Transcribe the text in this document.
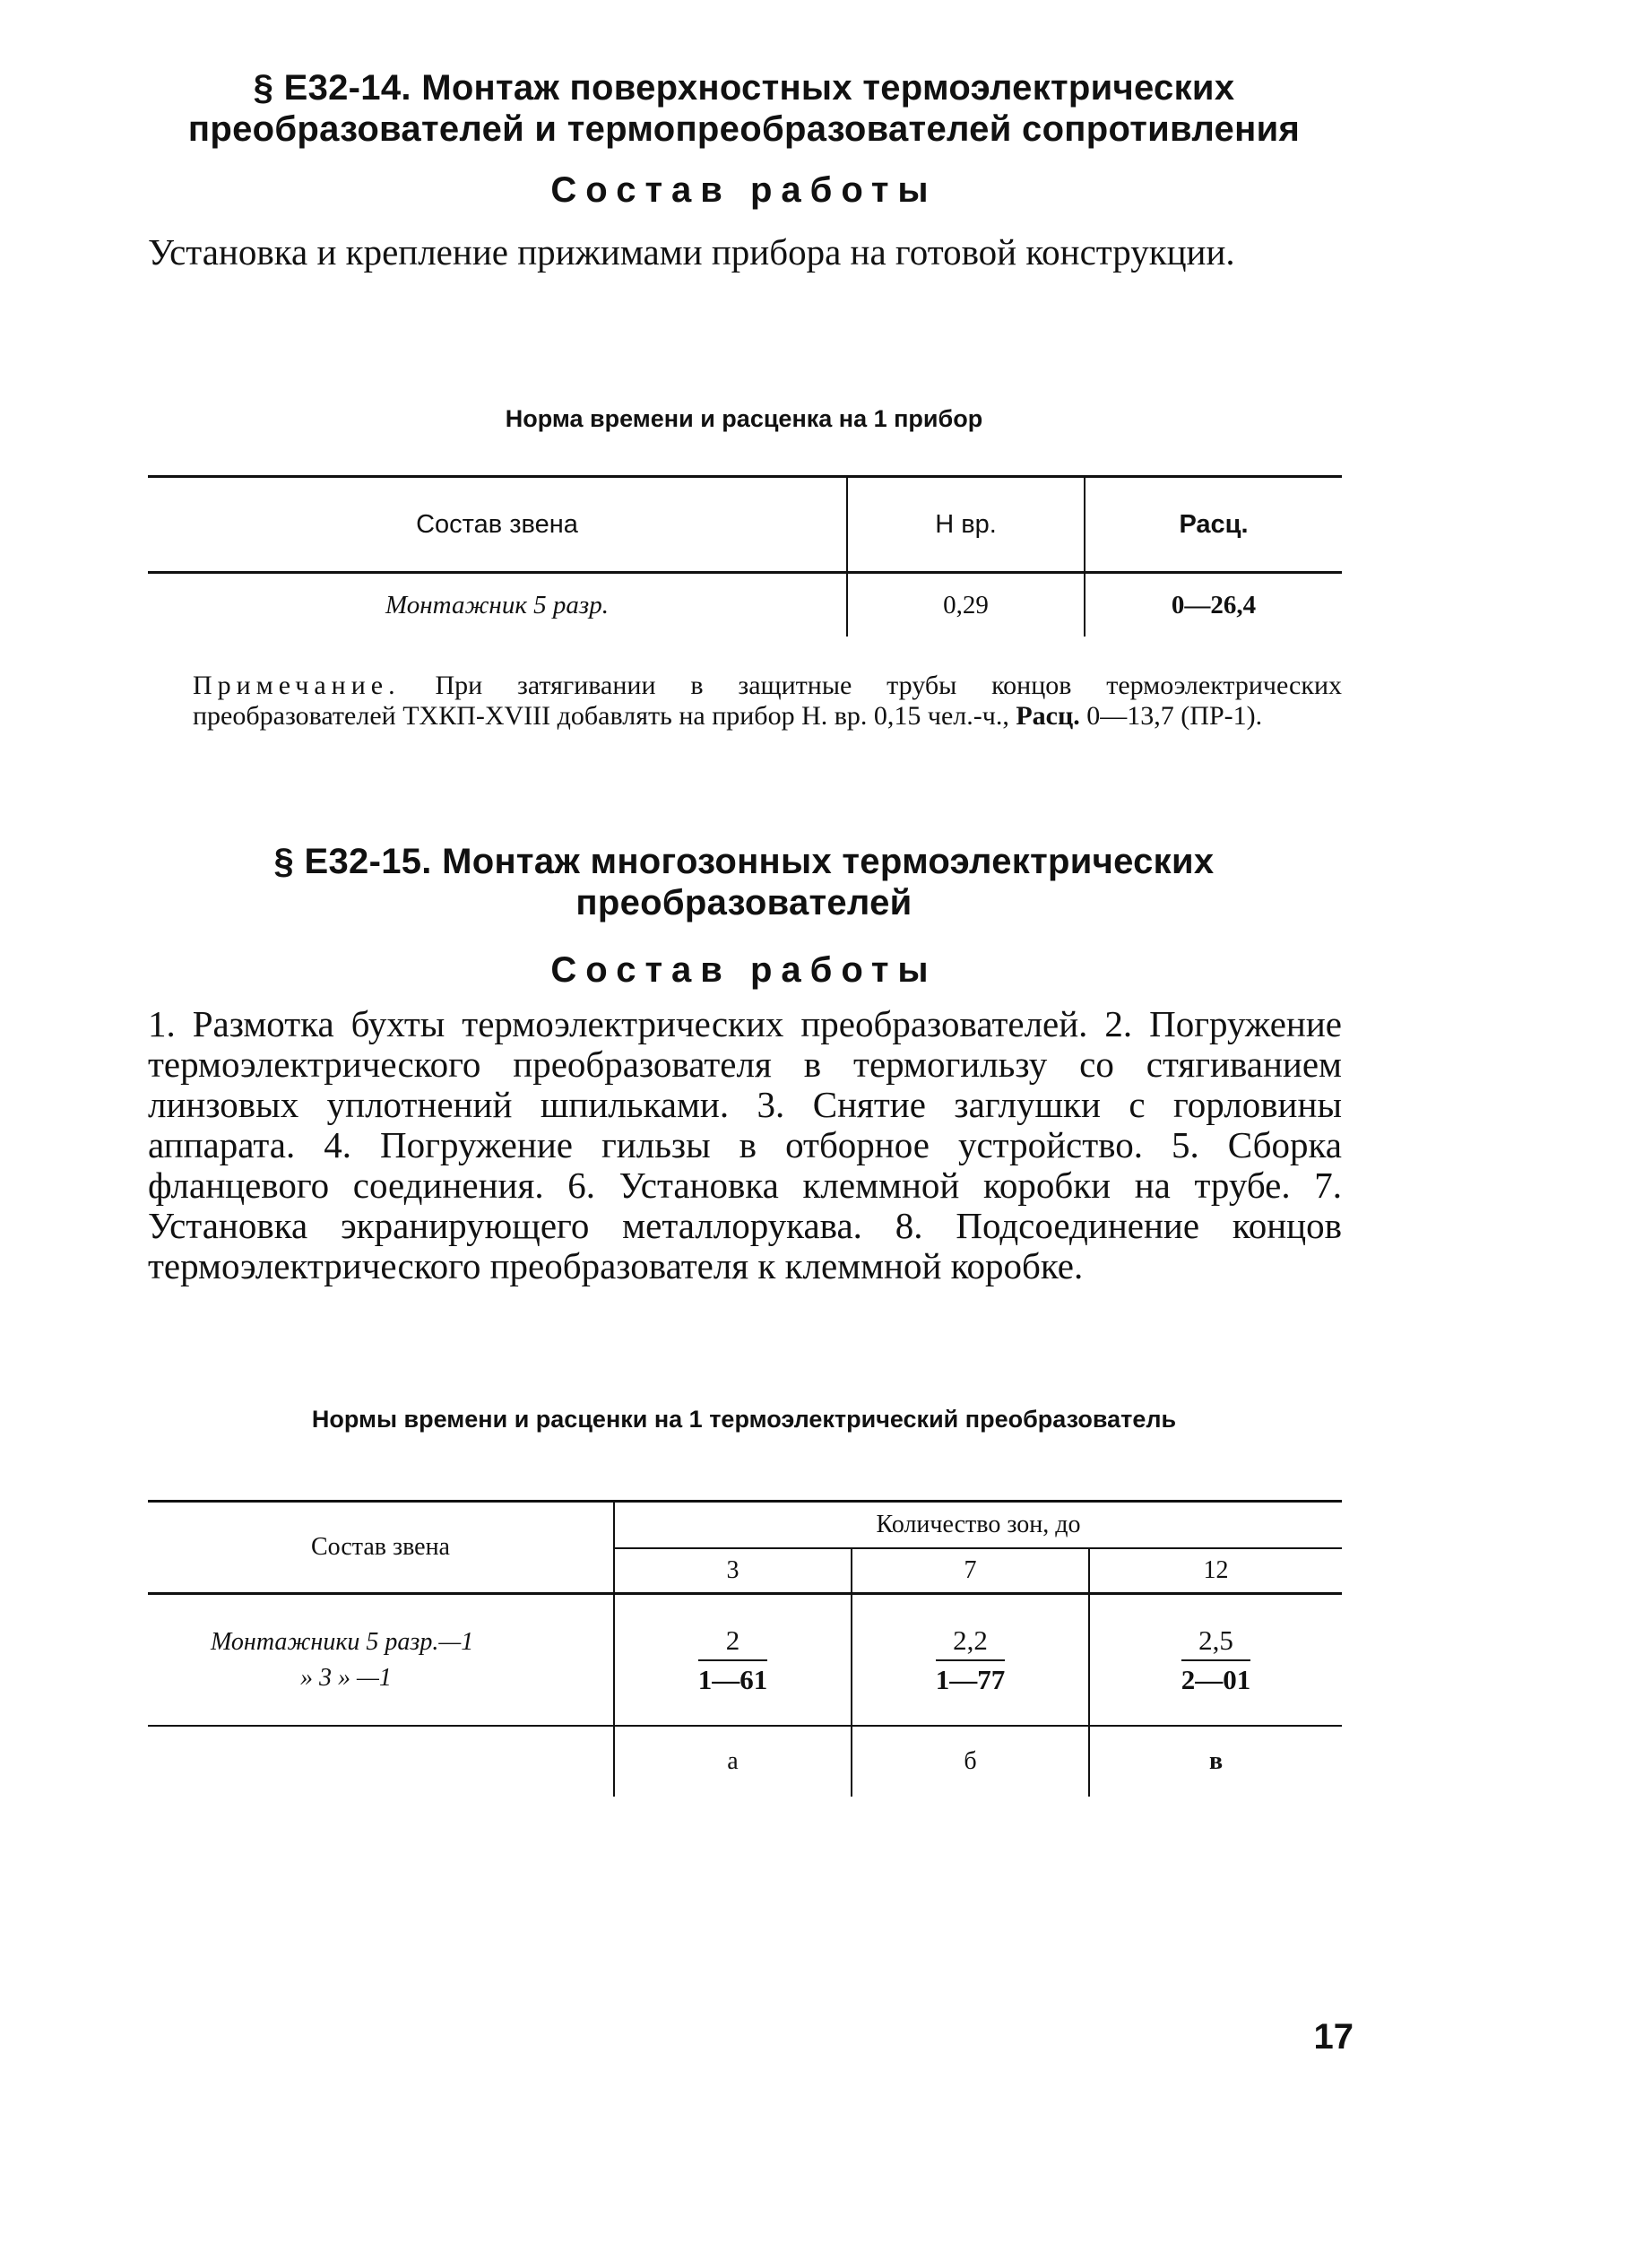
§ Е32-14. Монтаж поверхностных термоэлектрических
преобразователей и термопреобразователей сопротивления
Состав работы

Установка и крепление прижимами прибора на готовой конструкции.

Норма времени и расценка на 1 прибор

Состав звена	Н вр.	Расц.
Монтажник 5 разр.	0,29	0—26,4

Примечание. При затягивании в защитные трубы концов термоэлектрических преобразователей ТХКП-XVIII добавлять на прибор Н. вр. 0,15 чел.-ч., Расц. 0—13,7 (ПР-1).

§ Е32-15. Монтаж многозонных термоэлектрических
преобразователей
Состав работы

1. Размотка бухты термоэлектрических преобразователей. 2. Погружение термоэлектрического преобразователя в термогильзу со стягиванием линзовых уплотнений шпильками. 3. Снятие заглушки с горловины аппарата. 4. Погружение гильзы в отборное устройство. 5. Сборка фланцевого соединения. 6. Установка клеммной коробки на трубе. 7. Установка экранирующего металлорукава. 8. Подсоединение концов термоэлектрического преобразователя к клеммной коробке.

Нормы времени и расценки на 1 термоэлектрический преобразователь

Состав звена	Количество зон, до		
	3	7	12
Монтажники 5 разр.—1
» 3 » —1	$\frac{2}{1—61}$	$\frac{2,2}{1—77}$	$\frac{2,5}{2—01}$

	а	б	в
17
